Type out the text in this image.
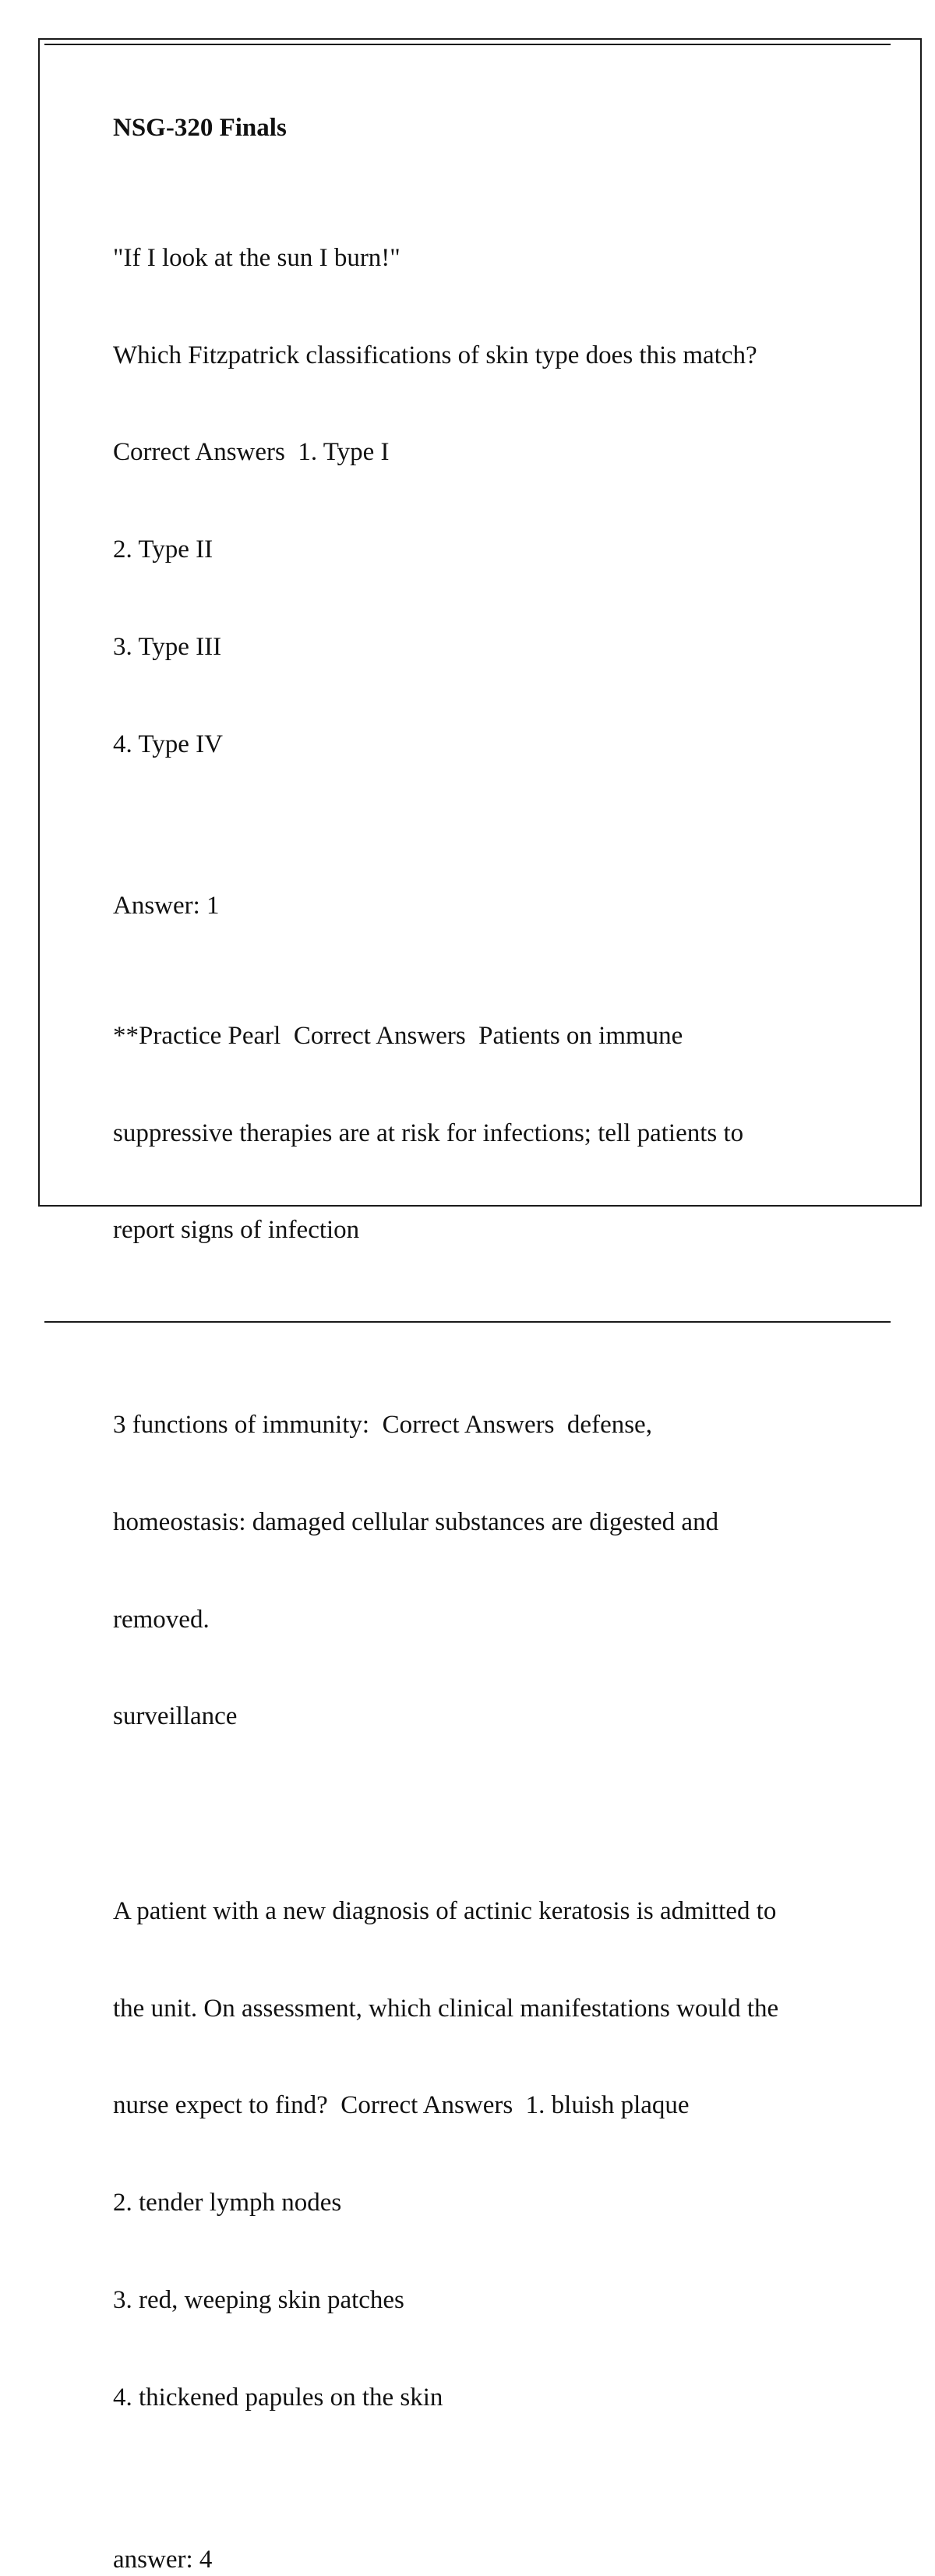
NSG-320 Finals

"If I look at the sun I burn!"

Which Fitzpatrick classifications of skin type does this match?

Correct Answers  1. Type I

2. Type II

3. Type III

4. Type IV

Answer: 1

**Practice Pearl  Correct Answers  Patients on immune

suppressive therapies are at risk for infections; tell patients to

report signs of infection

3 functions of immunity:  Correct Answers  defense,

homeostasis: damaged cellular substances are digested and

removed.

surveillance

A patient with a new diagnosis of actinic keratosis is admitted to

the unit. On assessment, which clinical manifestations would the

nurse expect to find?  Correct Answers  1. bluish plaque

2. tender lymph nodes

3. red, weeping skin patches

4. thickened papules on the skin

answer: 4
